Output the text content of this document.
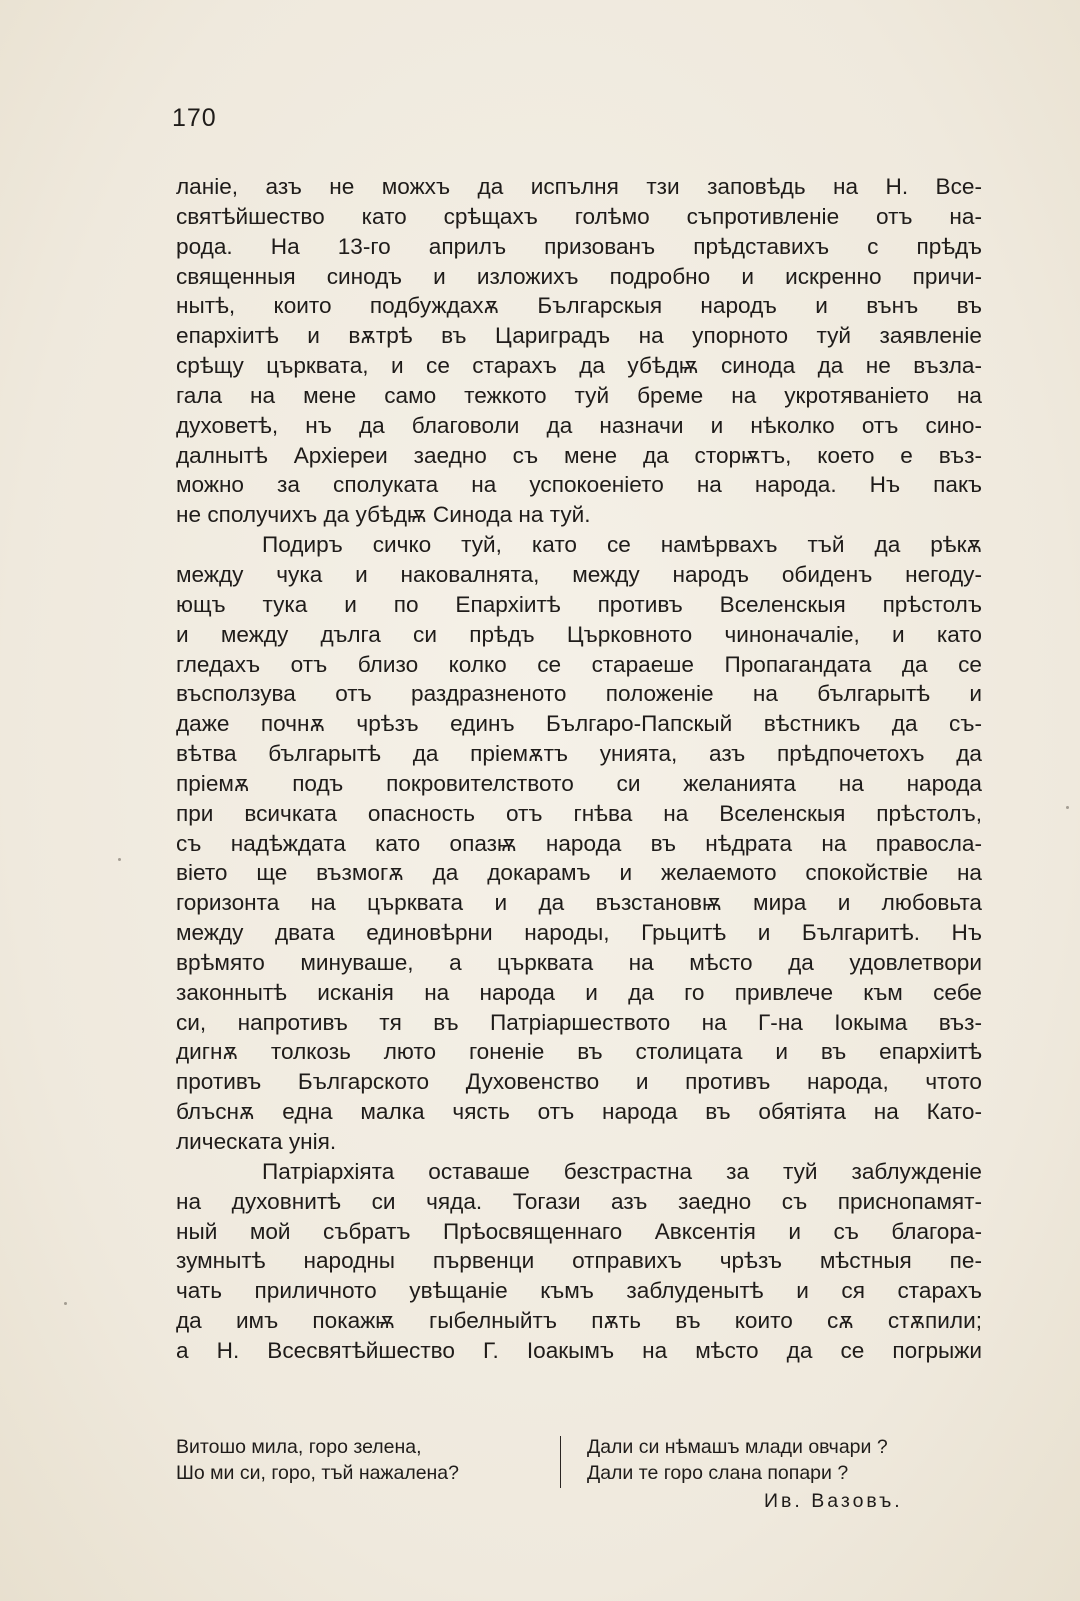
170
ланіе, азъ не можхъ да испълня тзи заповѣдь на Н. Все-
святѣйшество като срѣщахъ голѣмо съпротивленіе отъ на-
рода. На 13-го априлъ призованъ прѣдставихъ с прѣдъ
священныя синодъ и изложихъ подробно и искренно причи-
нытѣ, които подбуждахѫ Българскыя народъ и вънъ въ
епархіитѣ и вѫтрѣ въ Цариградъ на упорното туй заявленіе
срѣщу църквата, и се старахъ да убѣдѭ синода да не възла-
гала на мене само тежкото туй бреме на укротяваніето на
духоветѣ, нъ да благоволи да назначи и нѣколко отъ сино-
далнытѣ Архіереи заедно съ мене да сторѭтъ, което е въз-
можно за сполуката на успокоеніето на народа. Нъ пакъ
не сполучихъ да убѣдѭ Синода на туй.
Подиръ сичко туй, като се намѣрвахъ тъй да рѣкѫ
между чука и наковалнята, между народъ обиденъ негоду-
ющъ тука и по Епархіитѣ противъ Вселенскыя прѣстолъ
и между дълга си прѣдъ Църковното чиноначаліе, и като
гледахъ отъ близо колко се стараеше Пропагандата да се
въсползува отъ раздразненото положеніе на българытѣ и
даже почнѫ чрѣзъ единъ Българо-Папскый вѣстникъ да съ-
вѣтва българытѣ да пріемѫтъ унията, азъ прѣдпочетохъ да
пріемѫ подъ покровителството си желанията на народа
при всичката опасность отъ гнѣва на Вселенскыя прѣстолъ,
съ надѣждата като опазѭ народа въ нѣдрата на правосла-
віето ще възмогѫ да докарамъ и желаемото спокойствіе на
горизонта на църквата и да възстановѭ мира и любовьта
между двата единовѣрни народы, Грьцитѣ и Българитѣ. Нъ
врѣмято минуваше, а църквата на мѣсто да удовлетвори
законнытѣ исканія на народа и да го привлече към себе
си, напротивъ тя въ Патріаршеството на Г-на Іокыма въз-
дигнѫ толкозь люто гоненіе въ столицата и въ епархіитѣ
противъ Българското Духовенство и противъ народа, чтото
блъснѫ една малка чясть отъ народа въ обятіята на Като-
лическата унія.
Патріархіята оставаше безстрастна за туй заблужденіе
на духовнитѣ си чяда. Тогази азъ заедно съ приснопамят-
ный мой събратъ Прѣосвященнаго Авксентія и съ благора-
зумнытѣ народны първенци отправихъ чрѣзъ мѣстныя пе-
чать приличното увѣщаніе къмъ заблуденытѣ и ся старахъ
да имъ покажѭ гыбелныйтъ пѫть въ които сѫ стѫпили;
а Н. Всесвятѣйшество Г. Іоакымъ на мѣсто да се погрыжи
Витошо мила, горо зелена,
Шо ми си, горо, тъй нажалена?
Дали си нѣмашъ млади овчари ?
Дали те горо слана попари ?
Ив. Вазовъ.
